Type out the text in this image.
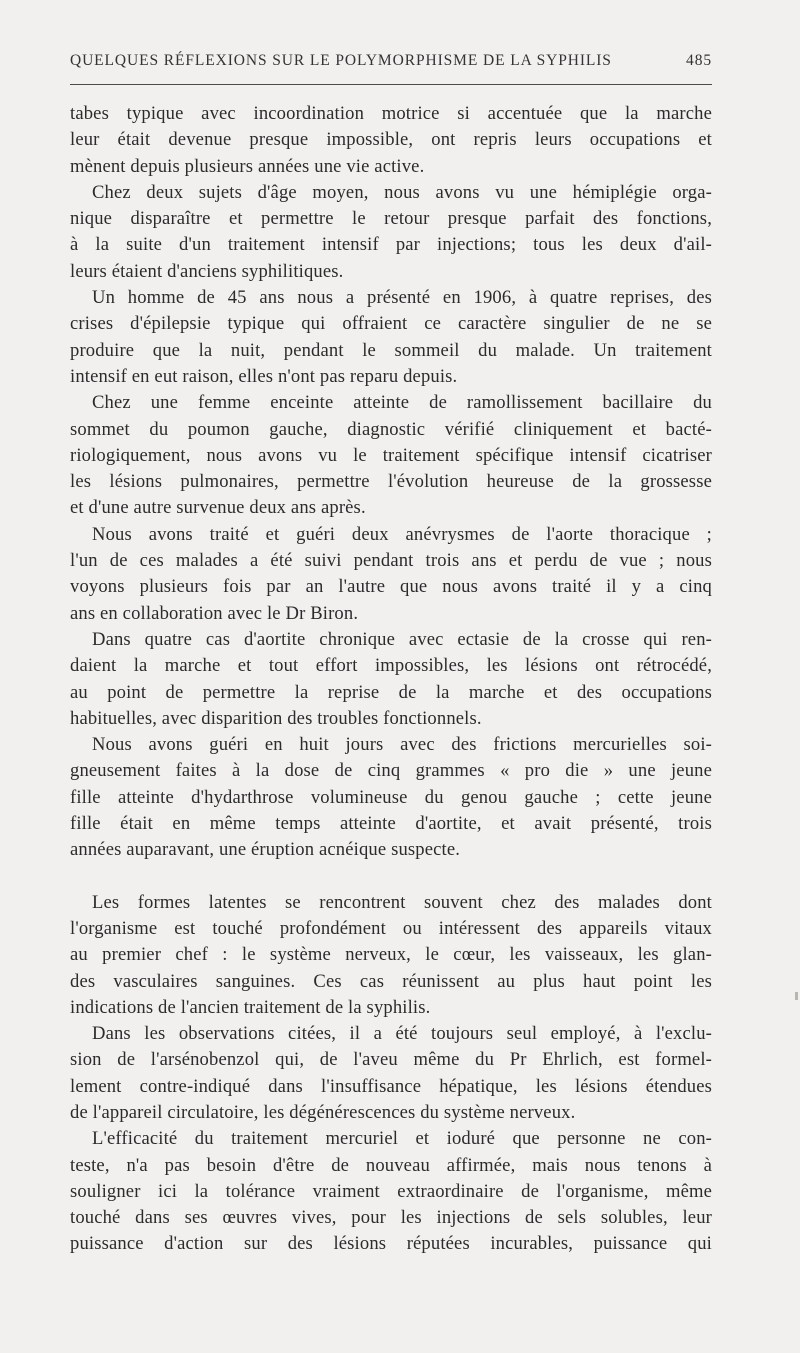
QUELQUES RÉFLEXIONS SUR LE POLYMORPHISME DE LA SYPHILIS	485

tabes typique avec incoordination motrice si accentuée que la marche

leur était devenue presque impossible, ont repris leurs occupations et

mènent depuis plusieurs années une vie active.

Chez deux sujets d'âge moyen, nous avons vu une hémiplégie orga-

nique disparaître et permettre le retour presque parfait des fonctions,

à la suite d'un traitement intensif par injections; tous les deux d'ail-

leurs étaient d'anciens syphilitiques.

Un homme de 45 ans nous a présenté en 1906, à quatre reprises, des

crises d'épilepsie typique qui offraient ce caractère singulier de ne se

produire que la nuit, pendant le sommeil du malade. Un traitement

intensif en eut raison, elles n'ont pas reparu depuis.

Chez une femme enceinte atteinte de ramollissement bacillaire du

sommet du poumon gauche, diagnostic vérifié cliniquement et bacté-

riologiquement, nous avons vu le traitement spécifique intensif cicatriser

les lésions pulmonaires, permettre l'évolution heureuse de la grossesse

et d'une autre survenue deux ans après.

Nous avons traité et guéri deux anévrysmes de l'aorte thoracique ;

l'un de ces malades a été suivi pendant trois ans et perdu de vue ; nous

voyons plusieurs fois par an l'autre que nous avons traité il y a cinq

ans en collaboration avec le Dr Biron.

Dans quatre cas d'aortite chronique avec ectasie de la crosse qui ren-

daient la marche et tout effort impossibles, les lésions ont rétrocédé,

au point de permettre la reprise de la marche et des occupations

habituelles, avec disparition des troubles fonctionnels.

Nous avons guéri en huit jours avec des frictions mercurielles soi-

gneusement faites à la dose de cinq grammes « pro die » une jeune

fille atteinte d'hydarthrose volumineuse du genou gauche ; cette jeune

fille était en même temps atteinte d'aortite, et avait présenté, trois

années auparavant, une éruption acnéique suspecte.

Les formes latentes se rencontrent souvent chez des malades dont

l'organisme est touché profondément ou intéressent des appareils vitaux

au premier chef : le système nerveux, le cœur, les vaisseaux, les glan-

des vasculaires sanguines. Ces cas réunissent au plus haut point les

indications de l'ancien traitement de la syphilis.

Dans les observations citées, il a été toujours seul employé, à l'exclu-

sion de l'arsénobenzol qui, de l'aveu même du Pr Ehrlich, est formel-

lement contre-indiqué dans l'insuffisance hépatique, les lésions étendues

de l'appareil circulatoire, les dégénérescences du système nerveux.

L'efficacité du traitement mercuriel et ioduré que personne ne con-

teste, n'a pas besoin d'être de nouveau affirmée, mais nous tenons à

souligner ici la tolérance vraiment extraordinaire de l'organisme, même

touché dans ses œuvres vives, pour les injections de sels solubles, leur

puissance d'action sur des lésions réputées incurables, puissance qui
